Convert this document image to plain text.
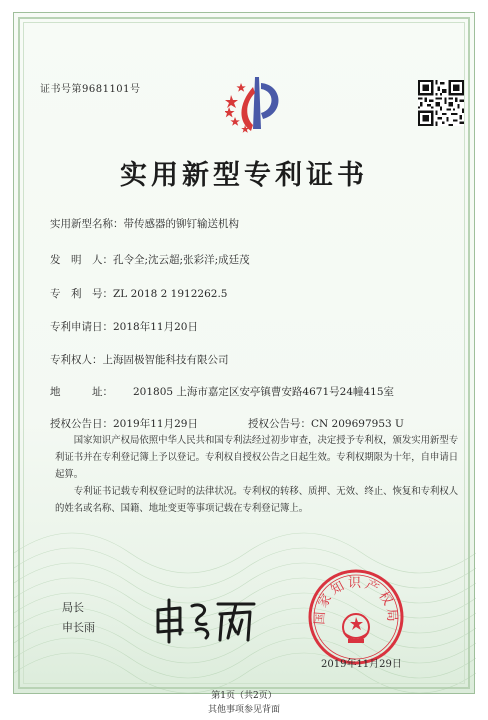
证书号第9681101号
实用新型专利证书
实用新型名称：带传感器的铆钉输送机构
发　明　人：孔令全;沈云超;张彩洋;成廷茂
专　利　号：ZL 2018 2 1912262.5
专利申请日：2018年11月20日
专利权人：上海固极智能科技有限公司
地　　　址： 201805 上海市嘉定区安亭镇曹安路4671号24幢415室
授权公告日：2019年11月29日	授权公告号：CN 209697953 U
国家知识产权局依照中华人民共和国专利法经过初步审查，决定授予专利权，颁发实用新型专利证书并在专利登记簿上予以登记。专利权自授权公告之日起生效。专利权期限为十年，自申请日起算。
专利证书记载专利权登记时的法律状况。专利权的转移、质押、无效、终止、恢复和专利权人的姓名或名称、国籍、地址变更等事项记载在专利登记簿上。
局长
申长雨
国家知识产权局
2019年11月29日
第1页（共2页）
其他事项参见背面
